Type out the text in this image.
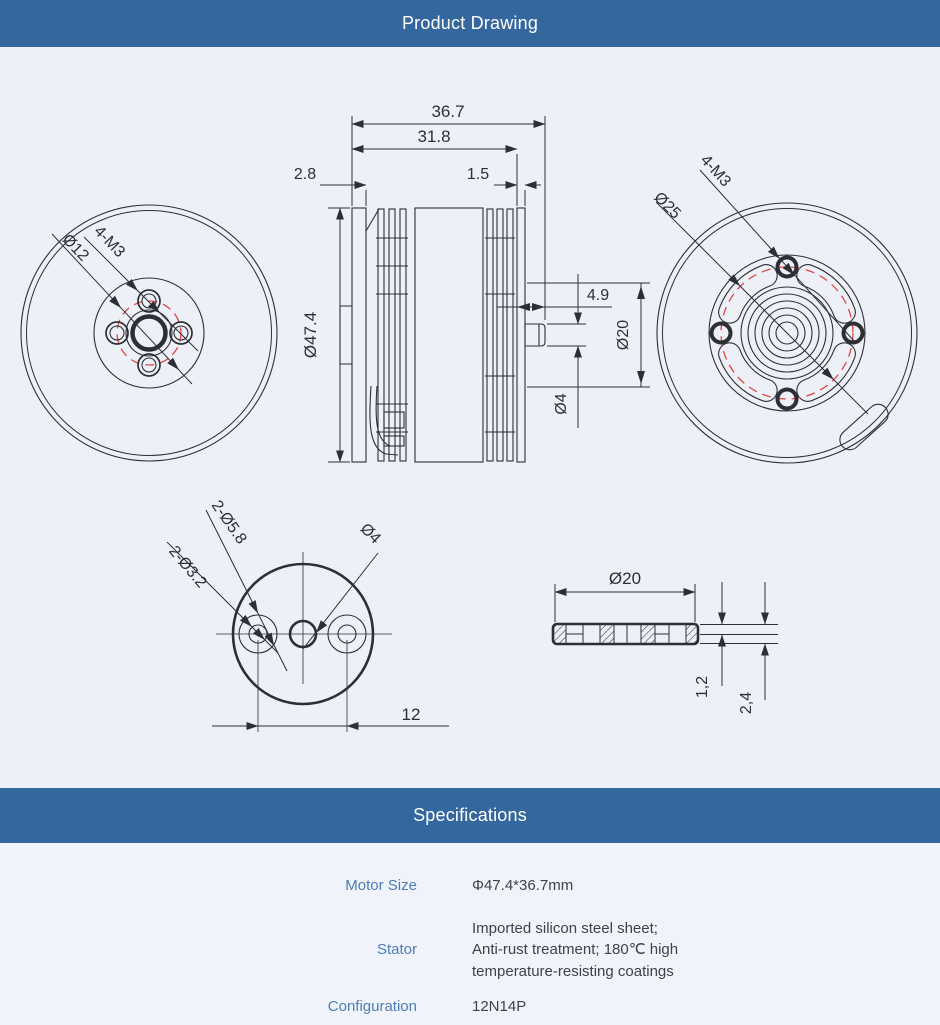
Product Drawing
4-M3
Ø12
36.7
31.8
2.8	1.5
Ø47.4
4.9
Ø20
Ø4
4-M3
Ø25
12
2-Ø5.8
2-Ø3.2
Ø4
Ø20
1,2
2,4
Specifications
Motor Size	Φ47.4*36.7mm
Stator
Imported silicon steel sheet;
Anti-rust treatment; 180℃ high
temperature-resisting coatings
Configuration	12N14P
